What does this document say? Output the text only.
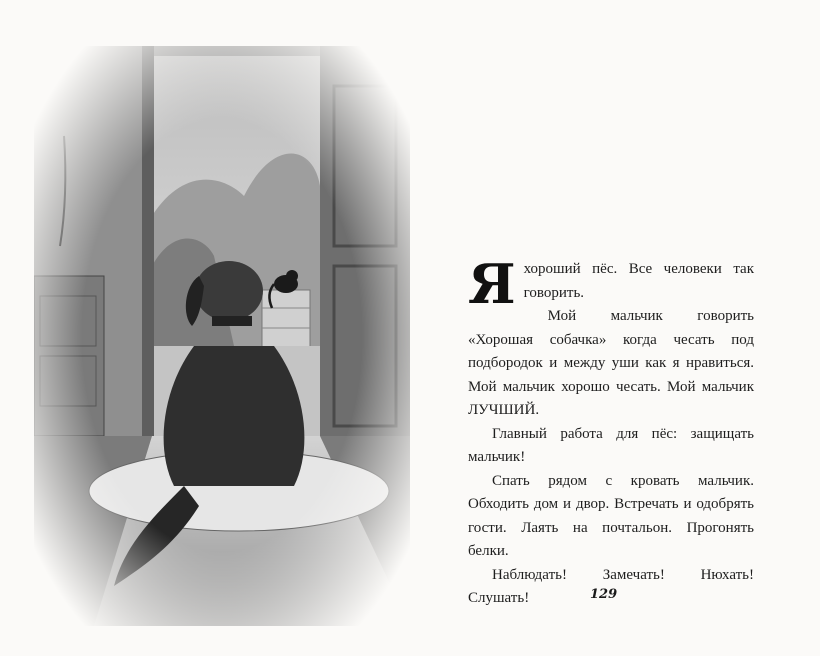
Я хороший пёс. Все человеки так говорить.

Мой мальчик говорить «Хорошая собачка» когда чесать под подбородок и между уши как я нравиться. Мой мальчик хорошо чесать. Мой мальчик ЛУЧШИЙ.

Главный работа для пёс: защищать мальчик!

Спать рядом с кровать мальчик. Обходить дом и двор. Встречать и одобрять гости. Лаять на почтальон. Прогонять белки.

Наблюдать! Замечать! Нюхать! Слушать!	129
